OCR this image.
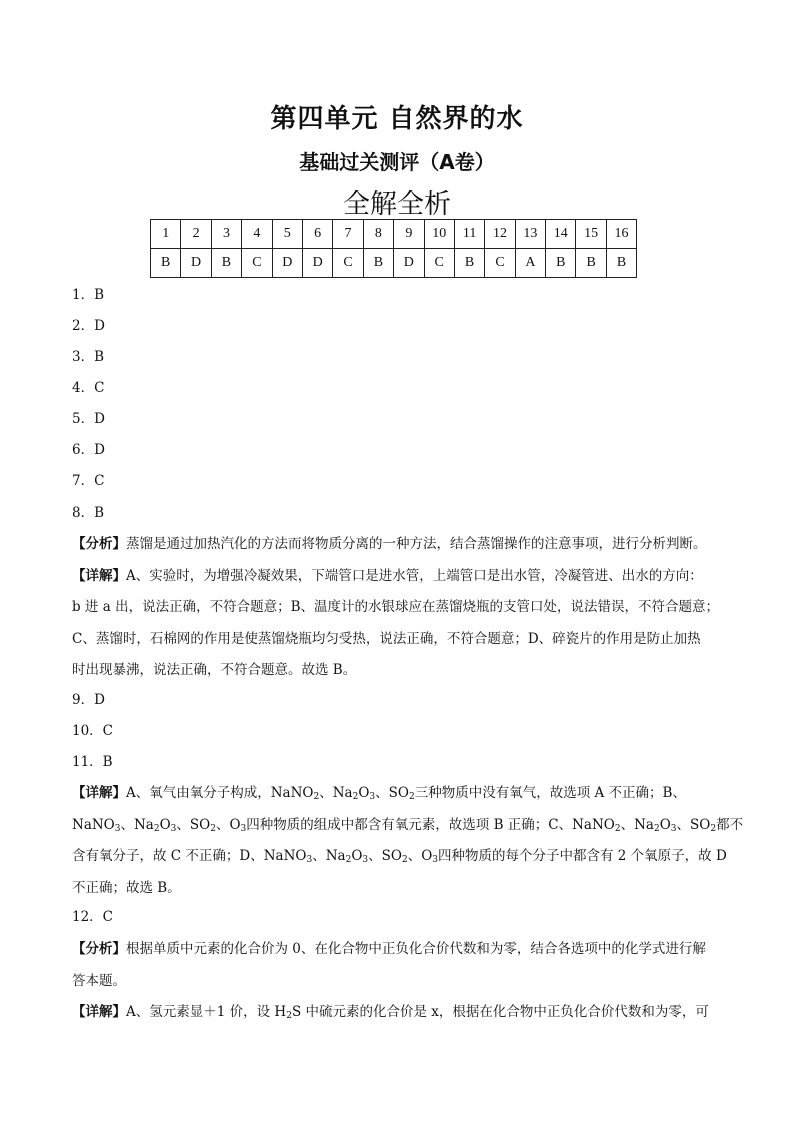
第四单元 自然界的水
基础过关测评（A卷）
全解全析
1	2	3	4	5	6	7	8	9	10	11	12	13	14	15	16
B	D	B	C	D	D	C	B	D	C	B	C	A	B	B	B
1．B
2．D
3．B
4．C
5．D
6．D
7．C
8．B

【分析】蒸馏是通过加热汽化的方法而将物质分离的一种方法，结合蒸馏操作的注意事项，进行分析判断。

【详解】A、实验时，为增强冷凝效果，下端管口是进水管，上端管口是出水管，冷凝管进、出水的方向：

b 进 a 出，说法正确，不符合题意；B、温度计的水银球应在蒸馏烧瓶的支管口处，说法错误，不符合题意；

C、蒸馏时，石棉网的作用是使蒸馏烧瓶均匀受热，说法正确，不符合题意；D、碎瓷片的作用是防止加热

时出现暴沸，说法正确，不符合题意。故选 B。

9．D
10．C
11．B

【详解】A、氧气由氧分子构成，NaNO$_2$、$Na_2O_3$、$SO_2$三种物质中没有氧气，故选项 A 不正确；B、

NaNO$_3$、$Na_2O_3$、$SO_2$、$O_3$四种物质的组成中都含有氧元素，故选项 B 正确；C、NaNO$_2$、$Na_2O_3$、$SO_2$都不

含有氧分子，故 C 不正确；D、NaNO$_3$、$Na_2O_3$、$SO_2$、$O_3$四种物质的每个分子中都含有 2 个氧原子，故 D

不正确；故选 B。

12．C

【分析】根据单质中元素的化合价为 0、在化合物中正负化合价代数和为零，结合各选项中的化学式进行解

答本题。

【详解】A、氢元素显＋1 价，设 $H_2S$ 中硫元素的化合价是 x，根据在化合物中正负化合价代数和为零，可
